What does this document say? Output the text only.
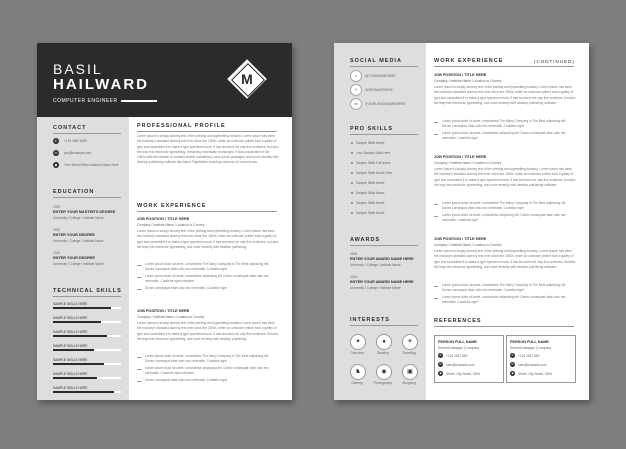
BASIL
HAILWARD
COMPUTER ENGINEER
M
CONTACT
✆	+123 4567 8900
✉	you@example.com
◆	Your Street/Office Address Name Here
EDUCATION
2008
ENTER YOUR MASTER'S DEGREE
University / College / Institute Name
2010
ENTER YOUR DEGREE
University / College / Institute Name
2010
ENTER YOUR DEGREE
University / College / Institute Name
TECHNICAL SKILLS
PROFESSIONAL PROFILE
Lorem Ipsum is simply dummy text of the printing and typesetting industry. Lorem Ipsum has been the industry's standard dummy text ever since the 1500s, when an unknown printer took a galley of type and scrambled it to make a type specimen book. It has survived not only five centuries, but also the leap into electronic typesetting, remaining essentially unchanged. It was popularised in the 1960s with the release of Letraset sheets containing Lorem Ipsum passages, and more recently with desktop publishing software like Aldus PageMaker including versions of Lorem Ipsum.
WORK EXPERIENCE
JOB POSITION / TITLE HERE
Company / Institute Name / Location or Country
Lorem Ipsum is simply dummy text of the printing and typesetting industry. Lorem Ipsum has been the industry's standard dummy text ever since the 1500s, when an unknown printer took a galley of type and scrambled it to make a type specimen book. It has survived not only five centuries, but also the leap into electronic typesetting, and more recently with desktop publishing.
Lorem ipsum dolor sit amet, consectetur The Many Company in The Best adipiscing elit. Donec consequat vitae odio nec venenatis. Curabitur eget
Lorem ipsum dolor sit amet, consectetur adipiscing elit. Donec consequat vitae odio nec venenatis. Curabitur eget interdum
Donec consequat vitae odio nec venenatis. Curabitur eget
JOB POSITION / TITLE HERE
Company / Institute Name / Location or Country
Lorem Ipsum is simply dummy text of the printing and typesetting industry. Lorem Ipsum has been the industry's standard dummy text ever since the 1500s, when an unknown printer took a galley of type and scrambled it to make a type specimen book. It has survived not only five centuries, but also the leap into electronic typesetting, and more recently with desktop publishing.
Lorem ipsum dolor sit amet, consectetur The Many Company in The Best adipiscing elit. Donec consequat vitae odio nec venenatis. Curabitur eget
Lorem ipsum dolor sit amet, consectetur adipiscing elit. Donec consequat vitae odio nec venenatis. Curabitur eget interdum
Donec consequat vitae odio nec venenatis. Curabitur eget
SAMPLE SKILLS HERE
SAMPLE SKILLS HERE
SAMPLE SKILLS HERE
SAMPLE SKILLS HERE
SAMPLE SKILLS HERE
SAMPLE SKILLS HERE
SAMPLE SKILLS HERE
SOCIAL MEDIA
t	@YOURNAMEHERE
f	/USERNAMEHERE
in	/YOURLIKEDINNAMEHERE
PRO SKILLS
AWARDS
2008
ENTER YOUR AWARD NAME HERE
University / College / Institute Name
2010
ENTER YOUR AWARD NAME HERE
University / College / Institute Name
INTERESTS
WORK EXPERIENCE	(CONTINUED)
REFERENCES
Sample Skills Name
Your Sample Skills Here
Sample Skills Full Name
Sample Skills Name Here
Sample Skills Name
Sample Skills Name
Sample Skills Name
Sample Skills Name
✦
Overview
●
Bowling
✈
Travelling
♞
Gaming
◉
Photography
▣
Shopping
JOB POSITION / TITLE HERE
Company / Institute Name / Location or Country
Lorem Ipsum is simply dummy text of the printing and typesetting industry. Lorem Ipsum has been the industry's standard dummy text ever since the 1500s, when an unknown printer took a galley of type and scrambled it to make a type specimen book. It has survived not only five centuries, but also the leap into electronic typesetting, and more recently with desktop publishing software.
Lorem ipsum dolor sit amet, consectetur The Many Company in The Best adipiscing elit. Donec consequat vitae odio nec venenatis. Curabitur eget
Lorem ipsum dolor sit amet, consectetur adipiscing elit. Donec consequat vitae odio nec venenatis. Curabitur eget
JOB POSITION / TITLE HERE
Company / Institute Name / Location or Country
Lorem Ipsum is simply dummy text of the printing and typesetting industry. Lorem Ipsum has been the industry's standard dummy text ever since the 1500s, when an unknown printer took a galley of type and scrambled it to make a type specimen book. It has survived not only five centuries, but also the leap into electronic typesetting, and more recently with desktop publishing software.
Lorem ipsum dolor sit amet, consectetur The Many Company in The Best adipiscing elit. Donec consequat vitae odio nec venenatis. Curabitur eget
Lorem ipsum dolor sit amet, consectetur adipiscing elit. Donec consequat vitae odio nec venenatis. Curabitur eget
JOB POSITION / TITLE HERE
Company / Institute Name / Location or Country
Lorem Ipsum is simply dummy text of the printing and typesetting industry. Lorem Ipsum has been the industry's standard dummy text ever since the 1500s, when an unknown printer took a galley of type and scrambled it to make a type specimen book. It has survived not only five centuries, but also the leap into electronic typesetting, and more recently with desktop publishing software.
Lorem ipsum dolor sit amet, consectetur The Many Company in The Best adipiscing elit. Donec consequat vitae odio nec venenatis. Curabitur eget
Lorem ipsum dolor sit amet, consectetur adipiscing elit. Donec consequat vitae odio nec venenatis. Curabitur eget
PERSON FULL NAME
General Manager | Company
✆	+123 4567 890
✉	user@example.com
◆	Street, City Name, 0000
PERSON FULL NAME
General Manager | Company
✆	+123 4567 890
✉	user@example.com
◆	Street, City Name, 0000
